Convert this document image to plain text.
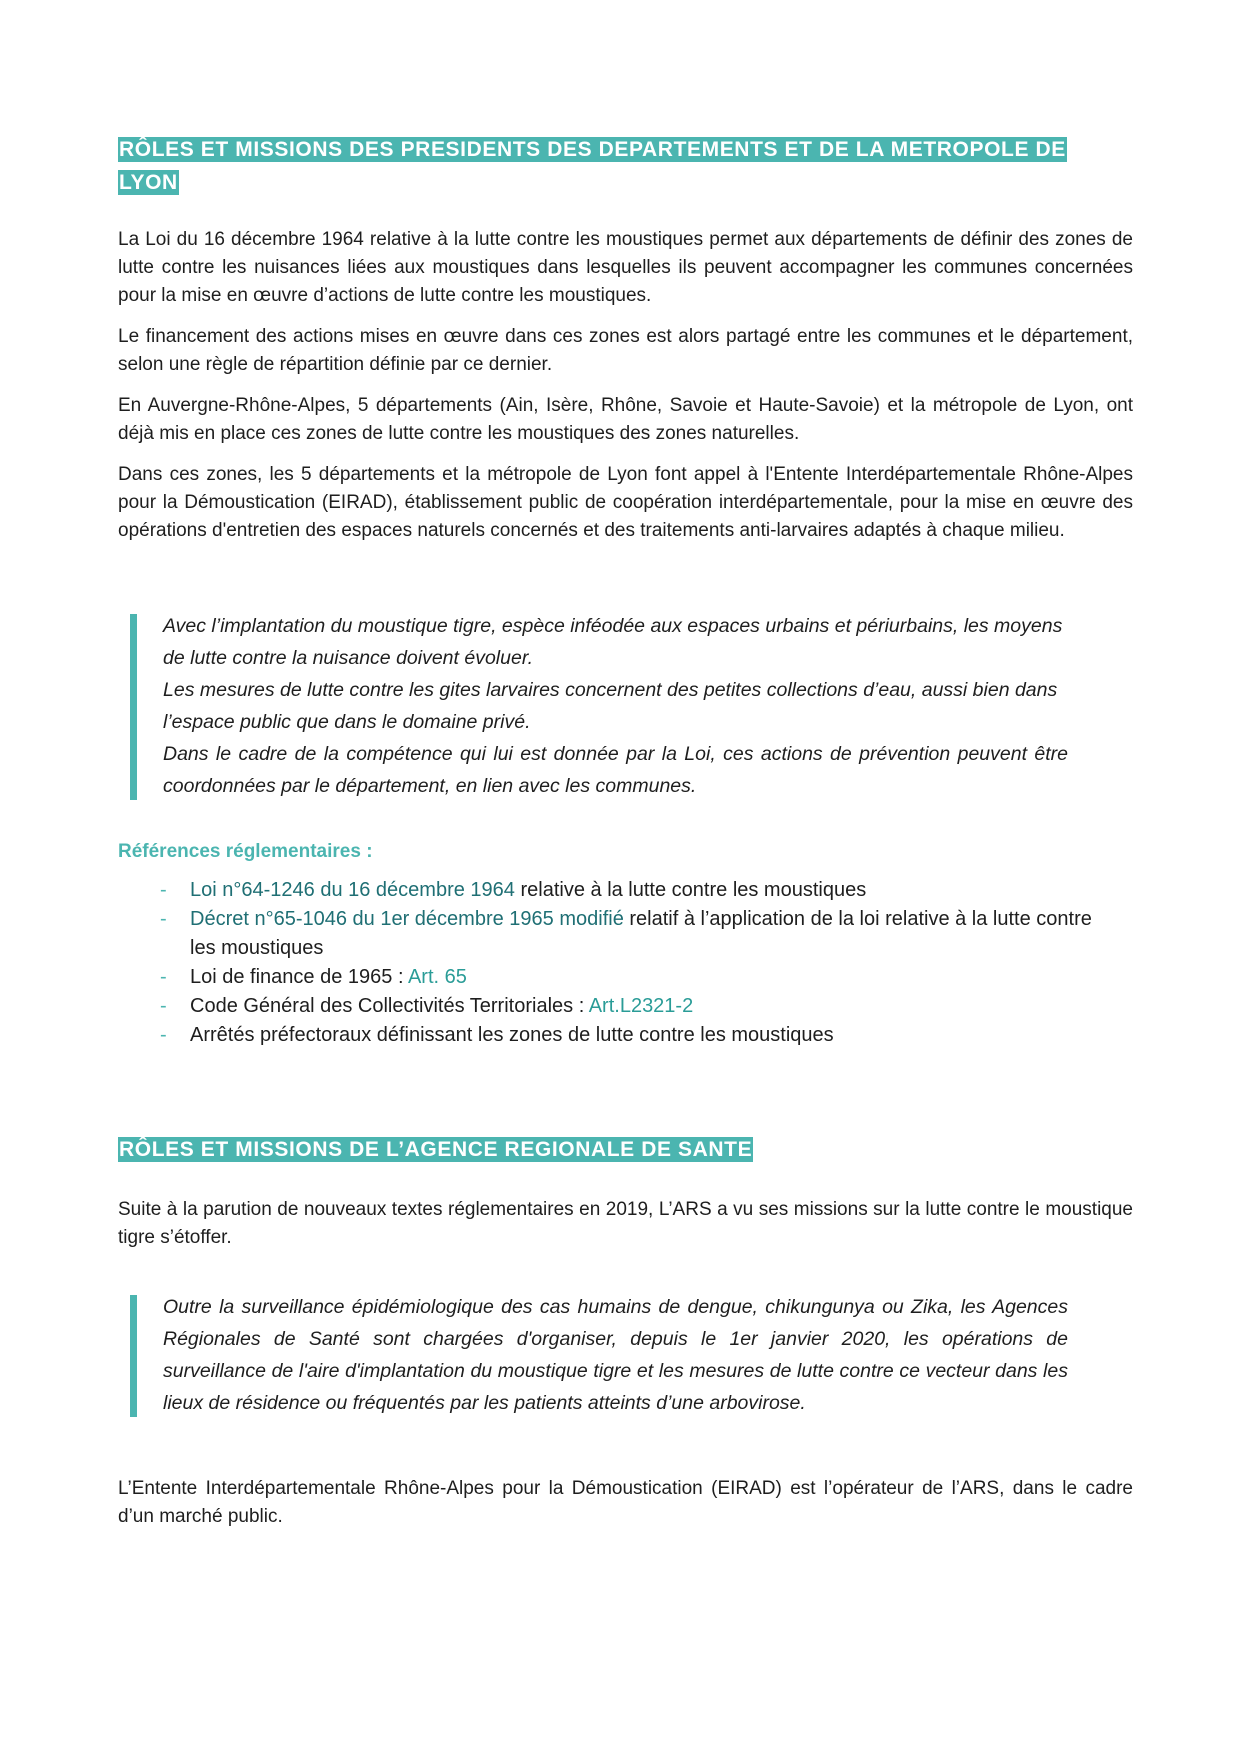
RÔLES ET MISSIONS DES PRESIDENTS DES DEPARTEMENTS ET DE LA METROPOLE DE LYON

La Loi du 16 décembre 1964 relative à la lutte contre les moustiques permet aux départements de définir des zones de lutte contre les nuisances liées aux moustiques dans lesquelles ils peuvent accompagner les communes concernées pour la mise en œuvre d’actions de lutte contre les moustiques.

Le financement des actions mises en œuvre dans ces zones est alors partagé entre les communes et le département, selon une règle de répartition définie par ce dernier.

En Auvergne-Rhône-Alpes, 5 départements (Ain, Isère, Rhône, Savoie et Haute-Savoie) et la métropole de Lyon, ont déjà mis en place ces zones de lutte contre les moustiques des zones naturelles.

Dans ces zones, les 5 départements et la métropole de Lyon font appel à l'Entente Interdépartementale Rhône-Alpes pour la Démoustication (EIRAD), établissement public de coopération interdépartementale, pour la mise en œuvre des opérations d'entretien des espaces naturels concernés et des traitements anti-larvaires adaptés à chaque milieu.

Avec l’implantation du moustique tigre, espèce inféodée aux espaces urbains et périurbains, les moyens de lutte contre la nuisance doivent évoluer.

Les mesures de lutte contre les gites larvaires concernent des petites collections d’eau, aussi bien dans l’espace public que dans le domaine privé.

Dans le cadre de la compétence qui lui est donnée par la Loi, ces actions de prévention peuvent être coordonnées par le département, en lien avec les communes.

Références réglementaires :
- Loi n°64-1246 du 16 décembre 1964 relative à la lutte contre les moustiques
- Décret n°65-1046 du 1er décembre 1965 modifié relatif à l’application de la loi relative à la lutte contre les moustiques
- Loi de finance de 1965 : Art. 65
- Code Général des Collectivités Territoriales : Art.L2321-2
- Arrêtés préfectoraux définissant les zones de lutte contre les moustiques
RÔLES ET MISSIONS DE L’AGENCE REGIONALE DE SANTE

Suite à la parution de nouveaux textes réglementaires en 2019, L’ARS a vu ses missions sur la lutte contre le moustique tigre s’étoffer.

Outre la surveillance épidémiologique des cas humains de dengue, chikungunya ou Zika, les Agences Régionales de Santé sont chargées d'organiser, depuis le 1er janvier 2020, les opérations de surveillance de l'aire d'implantation du moustique tigre et les mesures de lutte contre ce vecteur dans les lieux de résidence ou fréquentés par les patients atteints d’une arbovirose.

L’Entente Interdépartementale Rhône-Alpes pour la Démoustication (EIRAD) est l’opérateur de l’ARS, dans le cadre d’un marché public.
